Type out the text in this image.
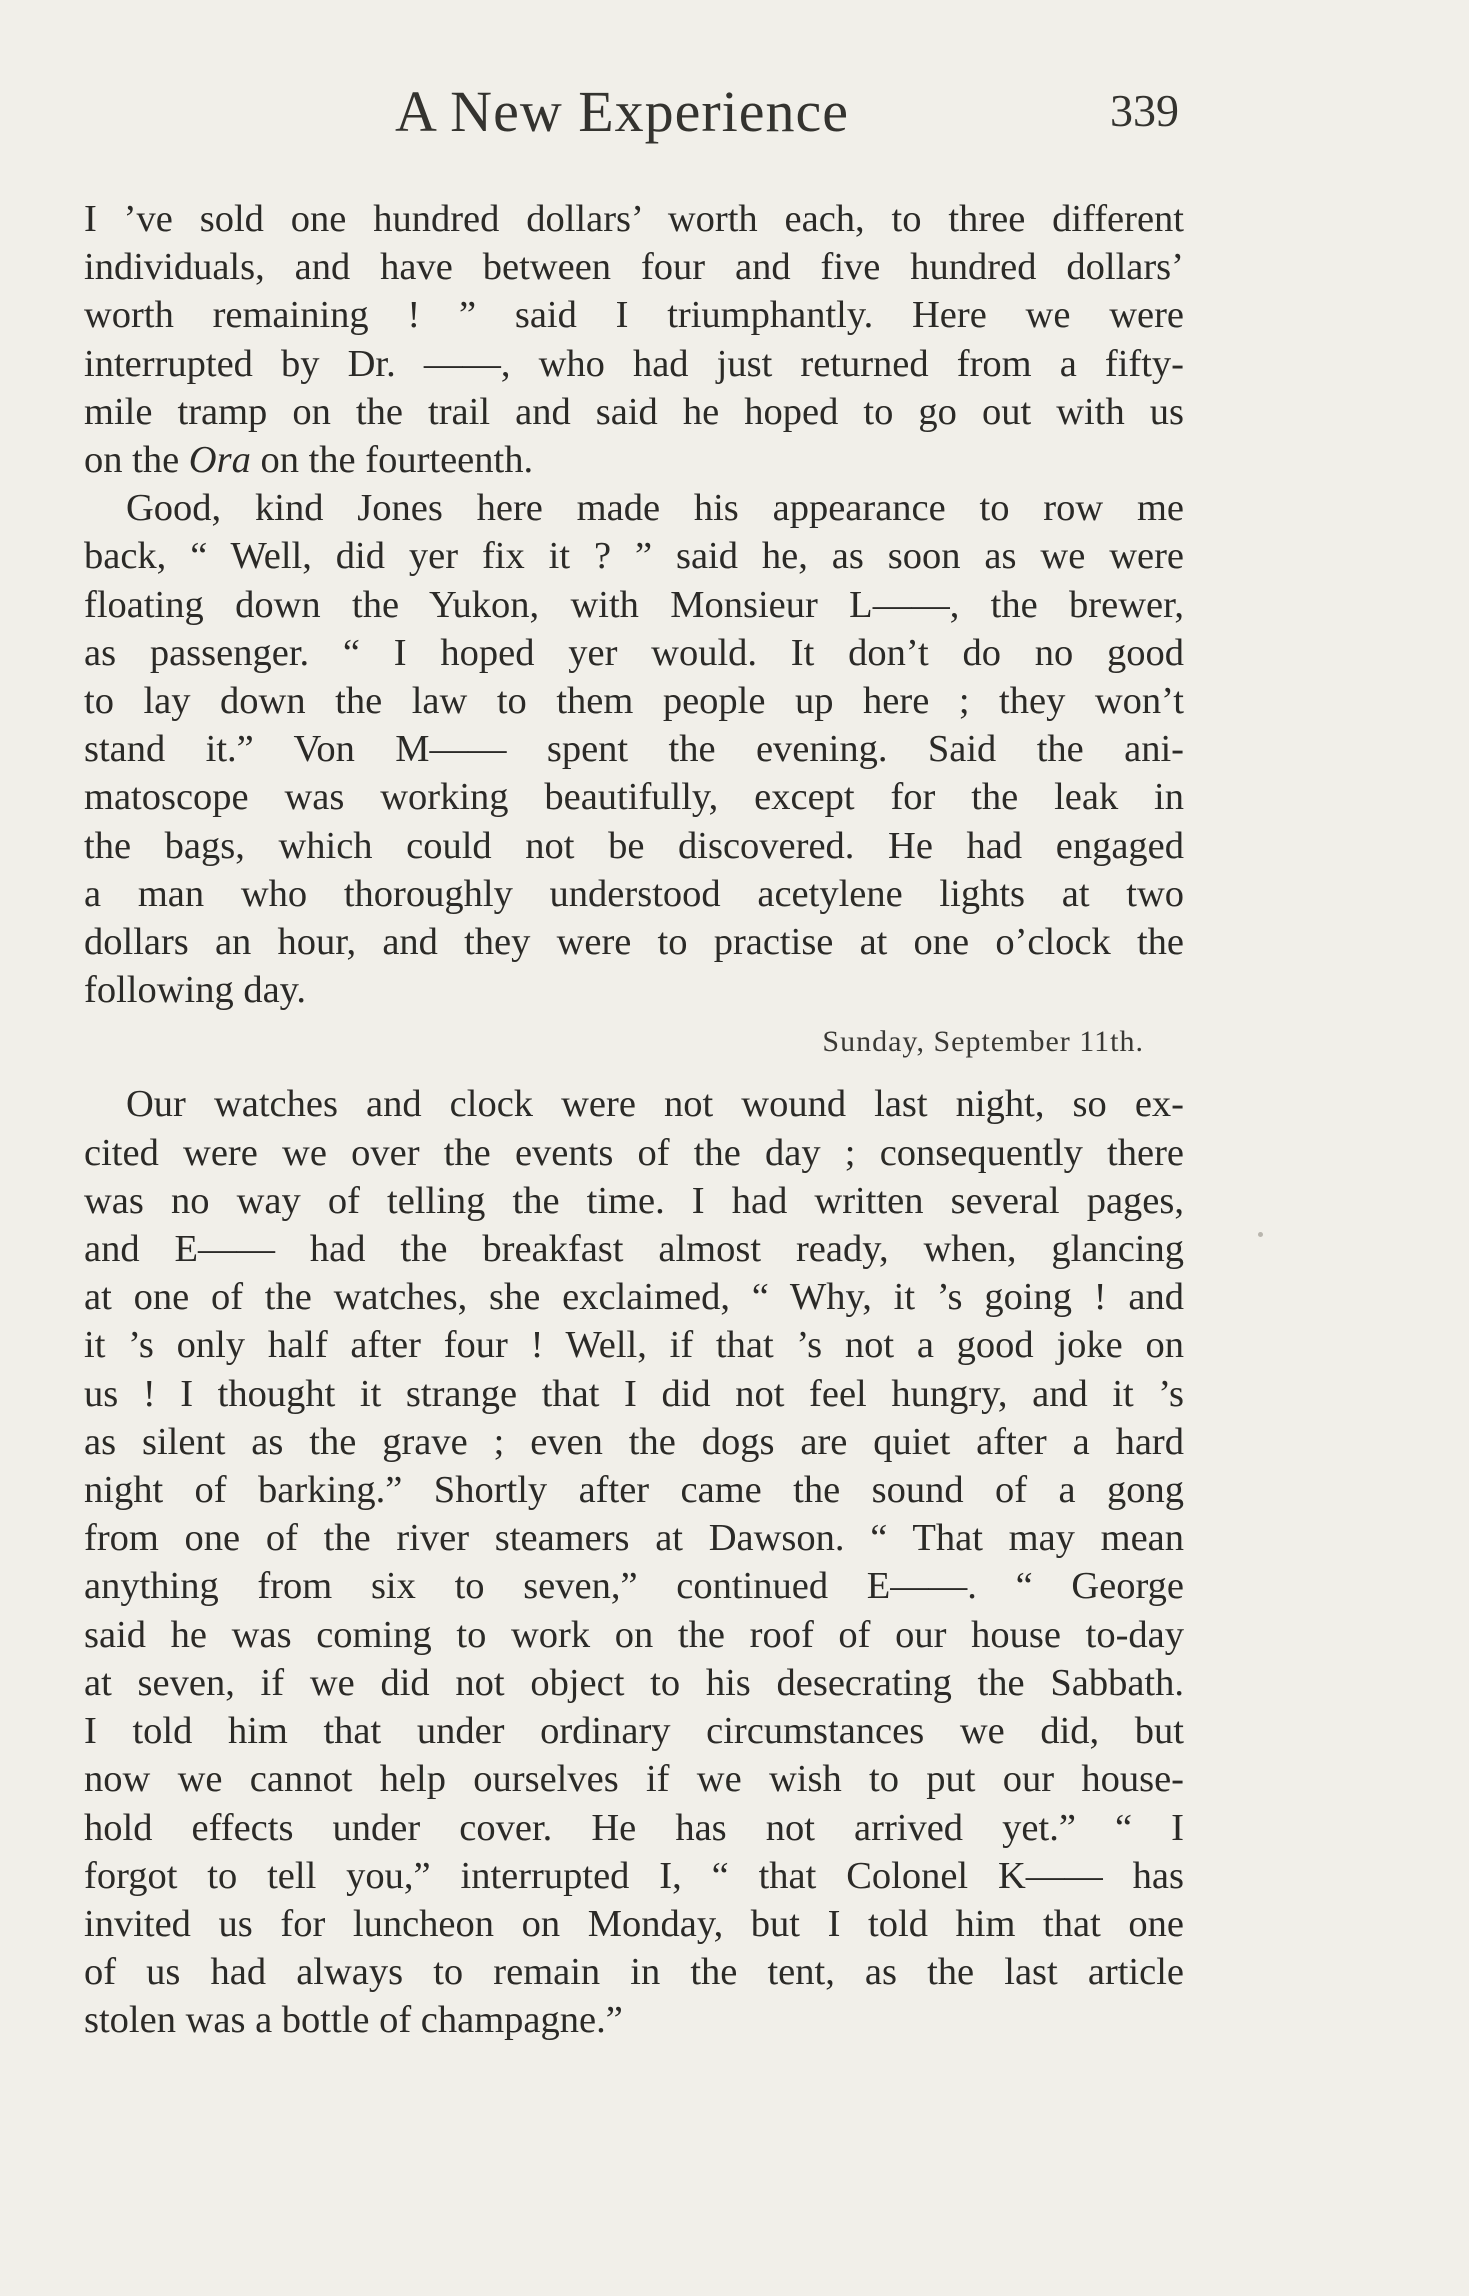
A New Experience	339

I ’ve sold one hundred dollars’ worth each, to three different

individuals, and have between four and five hundred dollars’

worth remaining ! ” said I triumphantly. Here we were

interrupted by Dr. ——, who had just returned from a fifty-

mile tramp on the trail and said he hoped to go out with us

on the Ora on the fourteenth.

Good, kind Jones here made his appearance to row me

back, “ Well, did yer fix it ? ” said he, as soon as we were

floating down the Yukon, with Monsieur L——, the brewer,

as passenger. “ I hoped yer would. It don’t do no good

to lay down the law to them people up here ; they won’t

stand it.” Von M—— spent the evening. Said the ani-

matoscope was working beautifully, except for the leak in

the bags, which could not be discovered. He had engaged

a man who thoroughly understood acetylene lights at two

dollars an hour, and they were to practise at one o’clock the

following day.

Sunday, September 11th.

Our watches and clock were not wound last night, so ex-

cited were we over the events of the day ; consequently there

was no way of telling the time. I had written several pages,

and E—— had the breakfast almost ready, when, glancing

at one of the watches, she exclaimed, “ Why, it ’s going ! and

it ’s only half after four ! Well, if that ’s not a good joke on

us ! I thought it strange that I did not feel hungry, and it ’s

as silent as the grave ; even the dogs are quiet after a hard

night of barking.” Shortly after came the sound of a gong

from one of the river steamers at Dawson. “ That may mean

anything from six to seven,” continued E——. “ George

said he was coming to work on the roof of our house to-day

at seven, if we did not object to his desecrating the Sabbath.

I told him that under ordinary circumstances we did, but

now we cannot help ourselves if we wish to put our house-

hold effects under cover. He has not arrived yet.” “ I

forgot to tell you,” interrupted I, “ that Colonel K—— has

invited us for luncheon on Monday, but I told him that one

of us had always to remain in the tent, as the last article

stolen was a bottle of champagne.”
